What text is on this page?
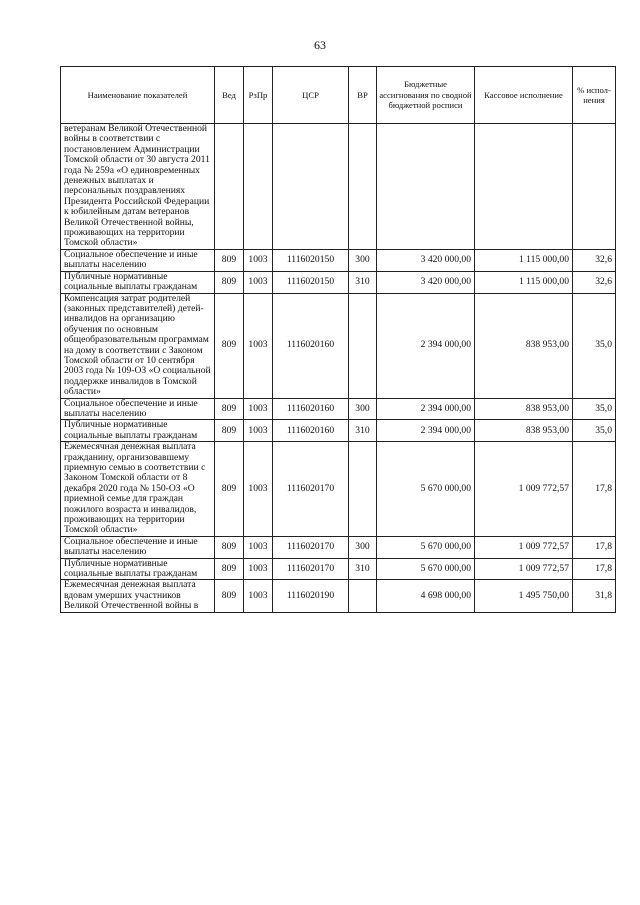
63
Наименование показателей	Вед	РзПр	ЦСР	ВР	Бюджетные ассигнования по сводной бюджетной росписи	Кассовое исполнение	% испол- нения
ветеранам Великой Отечественной войны в соответствии с постановлением Администрации Томской области от 30 августа 2011 года № 259а «О единовременных денежных выплатах и персональных поздравлениях Президента Российской Федерации к юбилейным датам ветеранов Великой Отечественной войны, проживающих на территории Томской области»							
Социальное обеспечение и иные выплаты населению	809	1003	1116020150	300	3 420 000,00	1 115 000,00	32,6
Публичные нормативные социальные выплаты гражданам	809	1003	1116020150	310	3 420 000,00	1 115 000,00	32,6
Компенсация затрат родителей (законных представителей) детей-инвалидов на организацию обучения по основным общеобразовательным программам на дому в соответствии с Законом Томской области от 10 сентября 2003 года № 109-ОЗ «О социальной поддержке инвалидов в Томской области»	809	1003	1116020160		2 394 000,00	838 953,00	35,0
Социальное обеспечение и иные выплаты населению	809	1003	1116020160	300	2 394 000,00	838 953,00	35,0
Публичные нормативные социальные выплаты гражданам	809	1003	1116020160	310	2 394 000,00	838 953,00	35,0
Ежемесячная денежная выплата гражданину, организовавшему приемную семью в соответствии с Законом Томской области от 8 декабря 2020 года № 150-ОЗ «О приемной семье для граждан пожилого возраста и инвалидов, проживающих на территории Томской области»	809	1003	1116020170		5 670 000,00	1 009 772,57	17,8
Социальное обеспечение и иные выплаты населению	809	1003	1116020170	300	5 670 000,00	1 009 772,57	17,8
Публичные нормативные социальные выплаты гражданам	809	1003	1116020170	310	5 670 000,00	1 009 772,57	17,8
Ежемесячная денежная выплата вдовам умерших участников Великой Отечественной войны в	809	1003	1116020190		4 698 000,00	1 495 750,00	31,8
